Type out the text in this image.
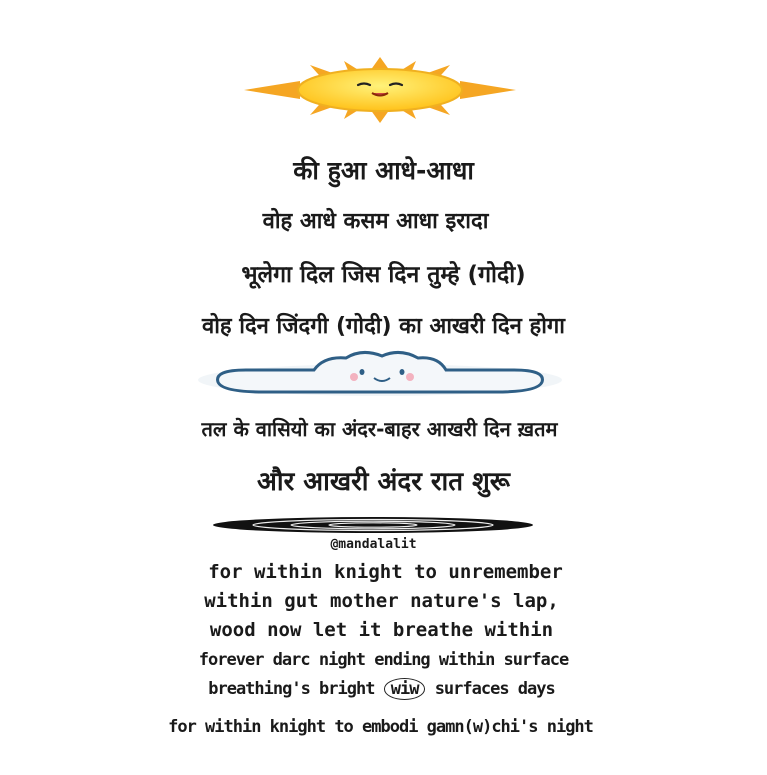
की हुआ आधे-आधा
वोह आधे कसम आधा इरादा
भूलेगा दिल जिस दिन तुम्हे (गोदी)
वोह दिन जिंदगी (गोदी) का आखरी दिन होगा
तल के वासियो का अंदर-बाहर आखरी दिन ख़तम
और आखरी अंदर रात शुरू
@mandalalit
for within knight to unremember
within gut mother nature's lap,
wood now let it breathe within
forever darc night ending within surface
breathing's bright wiw surfaces days
for within knight to embodi gamn(w)chi's night
